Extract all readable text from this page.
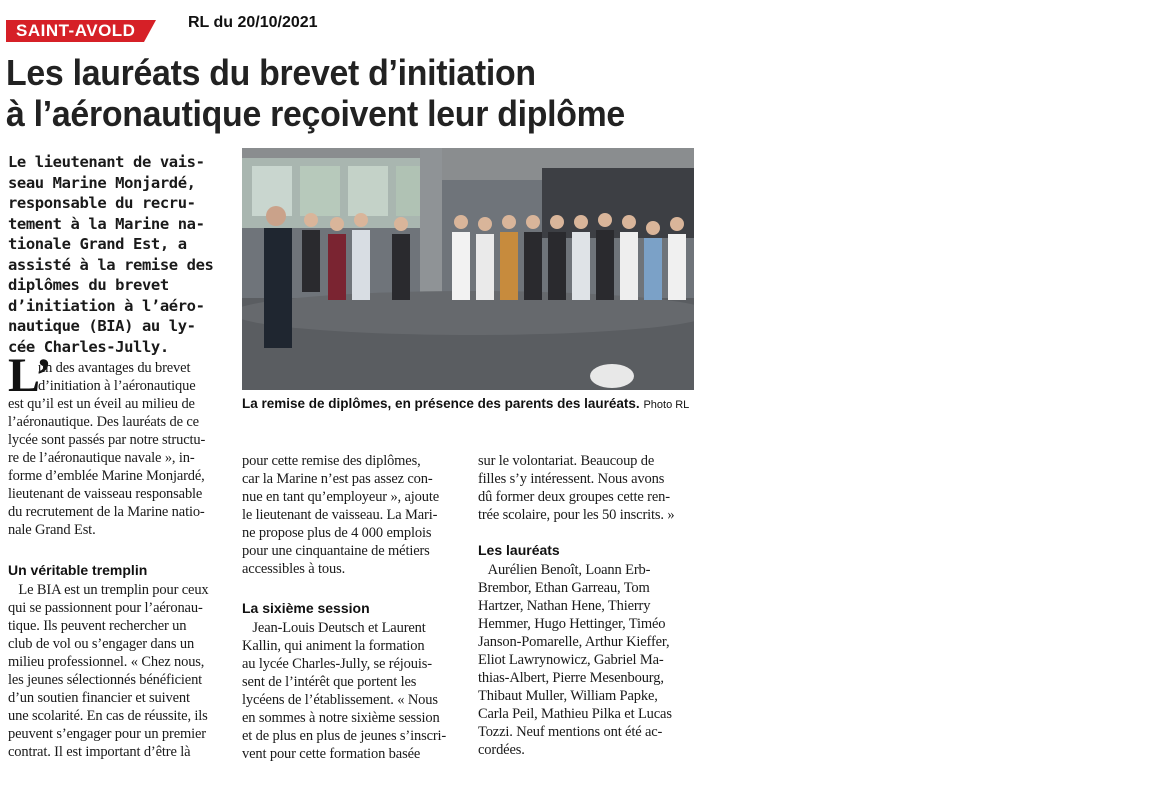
SAINT-AVOLD	RL du 20/10/2021
Les lauréats du brevet d’initiation
à l’aéronautique reçoivent leur diplôme
Le lieutenant de vais-
seau Marine Monjardé,
responsable du recru-
tement à la Marine na-
tionale Grand Est, a
assisté à la remise des
diplômes du brevet
d’initiation à l’aéro-
nautique (BIA) au ly-
cée Charles-Jully.
La remise de diplômes, en présence des parents des lauréats. Photo RL
L’
un des avantages du brevet
d’initiation à l’aéronautique
est qu’il est un éveil au milieu de
l’aéronautique. Des lauréats de ce
lycée sont passés par notre structu-
re de l’aéronautique navale », in-
forme d’emblée Marine Monjardé,
lieutenant de vaisseau responsable
du recrutement de la Marine natio-
nale Grand Est.
Un véritable tremplin
Le BIA est un tremplin pour ceux
qui se passionnent pour l’aéronau-
tique. Ils peuvent rechercher un
club de vol ou s’engager dans un
milieu professionnel. « Chez nous,
les jeunes sélectionnés bénéficient
d’un soutien financier et suivent
une scolarité. En cas de réussite, ils
peuvent s’engager pour un premier
contrat. Il est important d’être là
pour cette remise des diplômes,
car la Marine n’est pas assez con-
nue en tant qu’employeur », ajoute
le lieutenant de vaisseau. La Mari-
ne propose plus de 4 000 emplois
pour une cinquantaine de métiers
accessibles à tous.
La sixième session
Jean-Louis Deutsch et Laurent
Kallin, qui animent la formation
au lycée Charles-Jully, se réjouis-
sent de l’intérêt que portent les
lycéens de l’établissement. « Nous
en sommes à notre sixième session
et de plus en plus de jeunes s’inscri-
vent pour cette formation basée
sur le volontariat. Beaucoup de
filles s’y intéressent. Nous avons
dû former deux groupes cette ren-
trée scolaire, pour les 50 inscrits. »
Les lauréats
Aurélien Benoît, Loann Erb-
Brembor, Ethan Garreau, Tom
Hartzer, Nathan Hene, Thierry
Hemmer, Hugo Hettinger, Timéo
Janson-Pomarelle, Arthur Kieffer,
Eliot Lawrynowicz, Gabriel Ma-
thias-Albert, Pierre Mesenbourg,
Thibaut Muller, William Papke,
Carla Peil, Mathieu Pilka et Lucas
Tozzi. Neuf mentions ont été ac-
cordées.
